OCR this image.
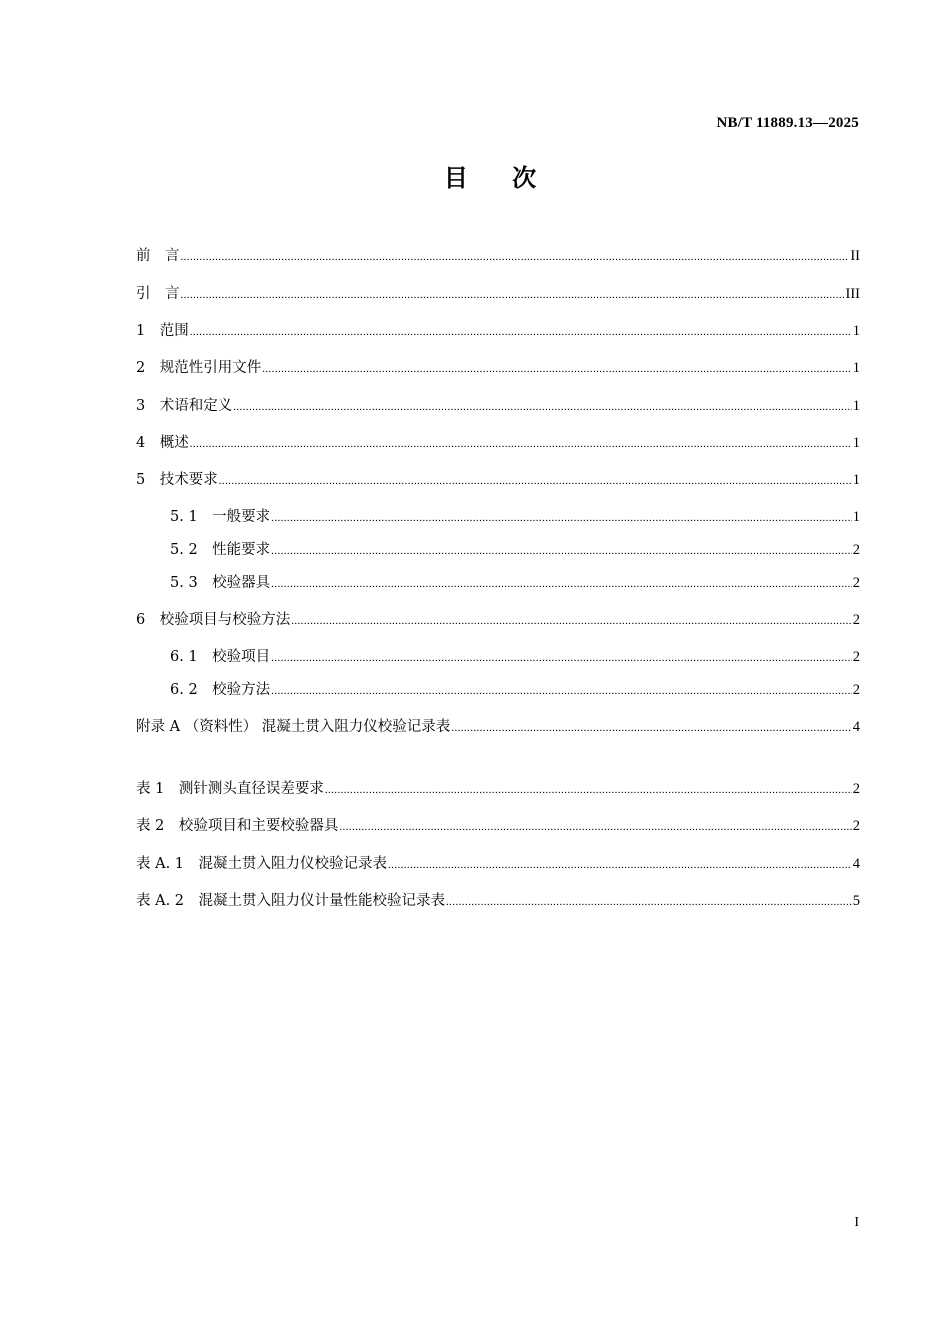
NB/T 11889.13—2025
目 次
前　言 .....	II
引　言 .....	III
1　 范围 .....	1
2　 规范性引用文件 .....	1
3　 术语和定义 .....	1
4　 概述 .....	1
5　 技术要求 .....	1
5. 1　 一般要求 .....	1
5. 2　 性能要求 .....	2
5. 3　 校验器具 .....	2
6　 校验项目与校验方法 .....	2
6. 1　 校验项目 .....	2
6. 2　 校验方法 .....	2
附录 A （资料性） 混凝土贯入阻力仪校验记录表 .....	4
表 1　 测针测头直径误差要求 .....	2
表 2　 校验项目和主要校验器具 .....	2
表 A. 1　 混凝土贯入阻力仪校验记录表 .....	4
表 A. 2　 混凝土贯入阻力仪计量性能校验记录表 .....	5
I
